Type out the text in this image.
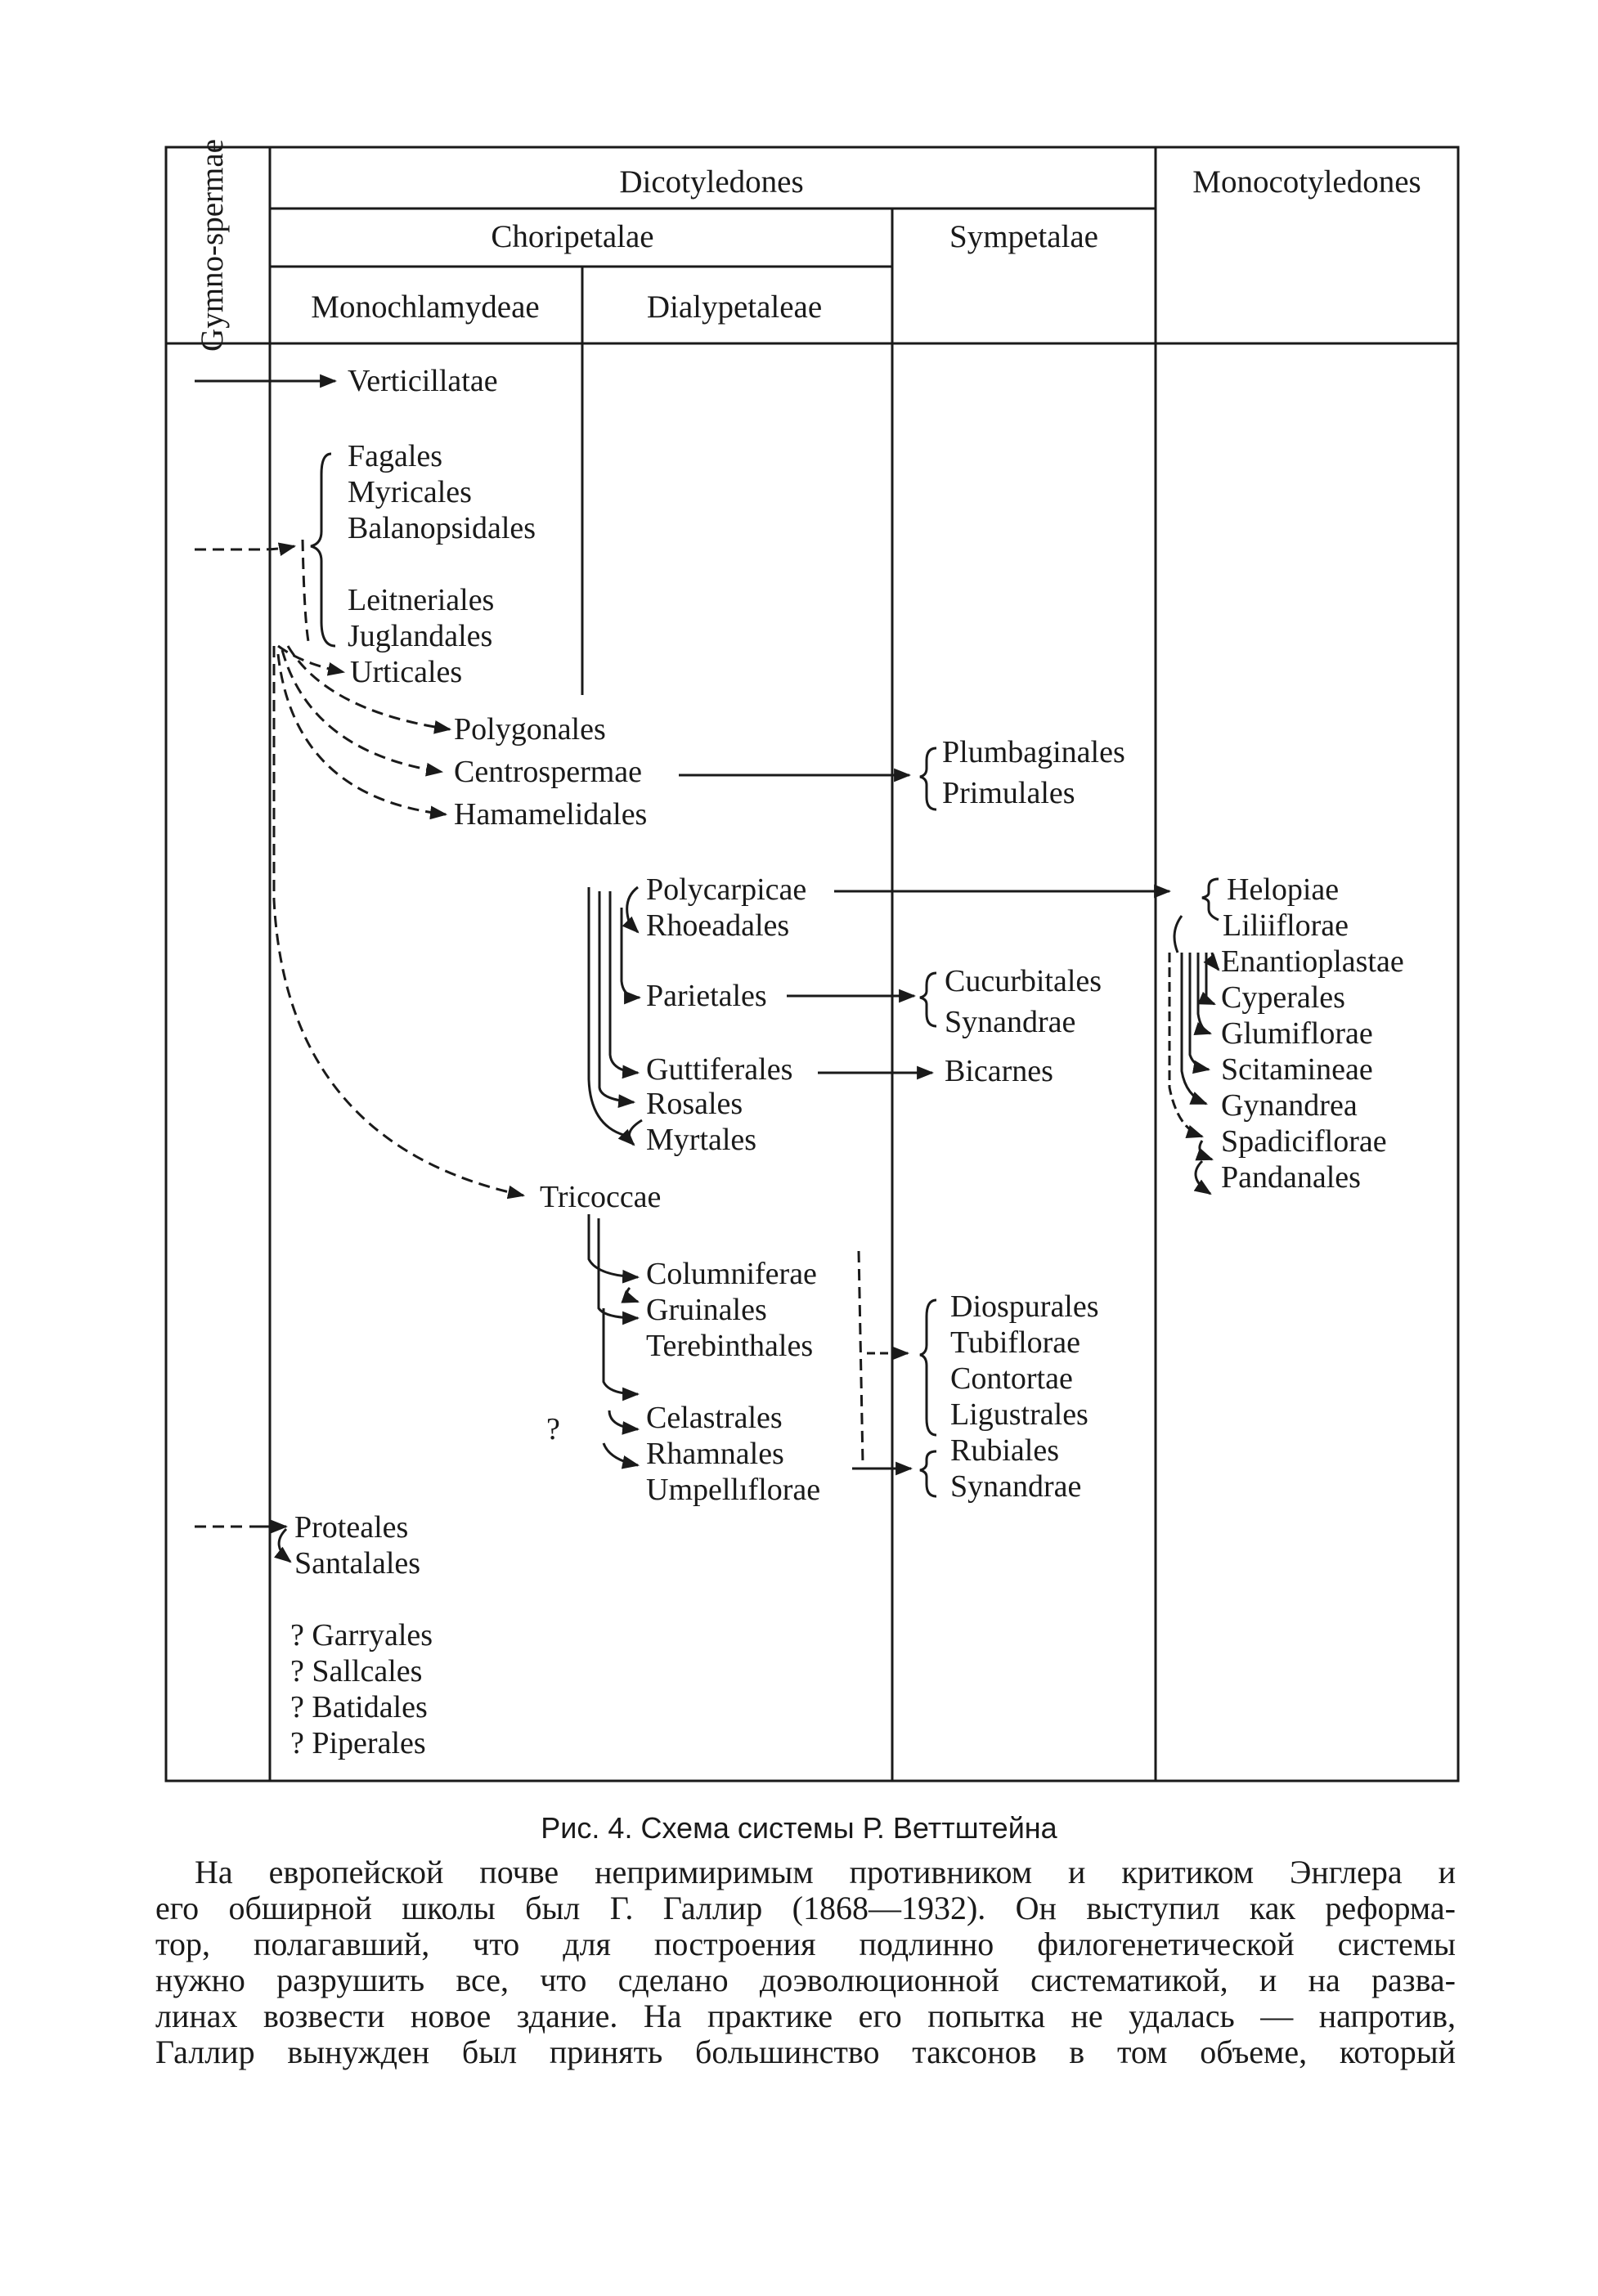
Gymno-spermae	Dicotyledones	Monocotyledones
Choripetalae	Sympetalae
Monochlamydeae	Dialypetaleae
Verticillatae
Fagales
Myricales
Balanopsidales
Leitneriales
Juglandales
Urticales
Polygonales
Centrospermae
Hamamelidales
Plumbaginales
Primulales
Polycarpicae
Rhoeadales
Parietales
Guttiferales
Rosales
Myrtales
Cucurbitales
Synandrae
Bicarnes
Helopiae
Liliiflorae
Enantioplastae
Cyperales
Glumiflorae
Scitamineae
Gynandrea
Spadiciflorae
Pandanales
Tricoccae
Columniferae
Gruinales
Terebinthales
Celastrales
Rhamnales
Umpellıflorae
Diospurales
Tubiflorae
Contortae
Ligustrales
Rubiales
Synandrae
?
Proteales
Santalales
? Garryales
? Sallcales
? Batidales
? Piperales
Рис. 4. Схема системы Р. Веттштейна
На европейской почве непримиримым противником и критиком Энглера и
его обширной школы был Г. Галлир (1868—1932). Он выступил как реформа-
тор, полагавший, что для построения подлинно филогенетической системы
нужно разрушить все, что сделано доэволюционной систематикой, и на разва-
линах возвести новое здание. На практике его попытка не удалась — напротив,
Галлир вынужден был принять большинство таксонов в том объеме, который
